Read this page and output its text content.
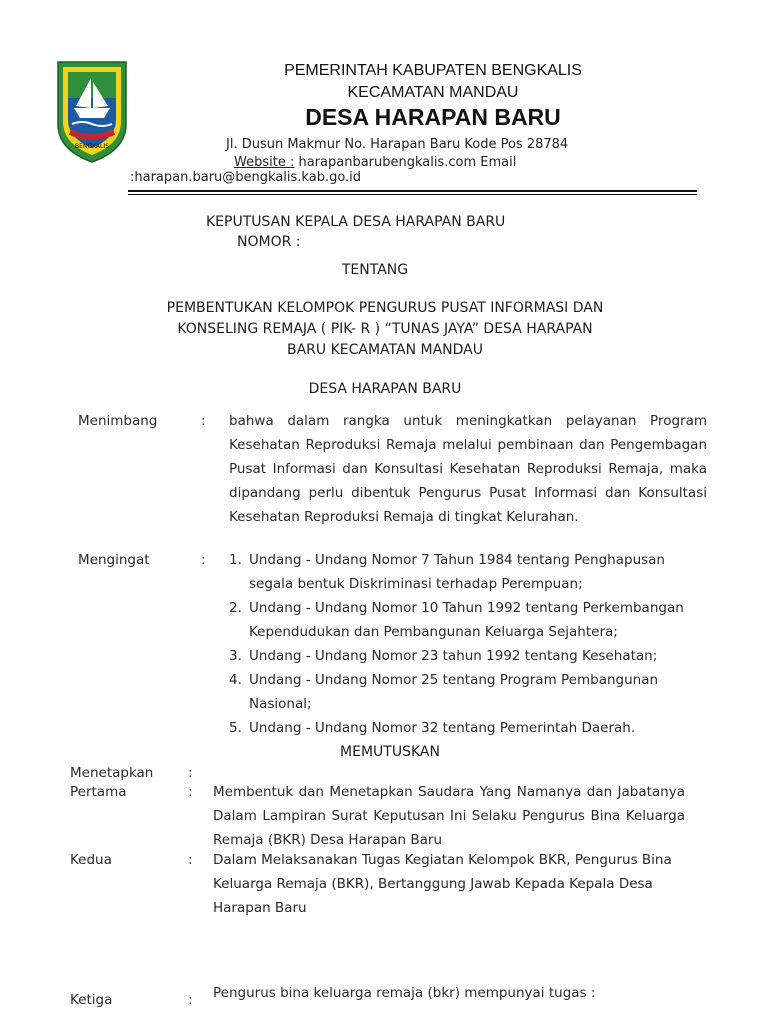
BENGKALIS
PEMERINTAH KABUPATEN BENGKALIS
KECAMATAN MANDAU
DESA HARAPAN BARU
Jl. Dusun Makmur No. Harapan Baru Kode Pos 28784
Website : harapanbarubengkalis.com Email
:harapan.baru@bengkalis.kab.go.id
KEPUTUSAN KEPALA DESA HARAPAN BARU
NOMOR :
TENTANG
PEMBENTUKAN KELOMPOK PENGURUS PUSAT INFORMASI DAN
KONSELING REMAJA ( PIK- R ) “TUNAS JAYA” DESA HARAPAN
BARU KECAMATAN MANDAU
DESA HARAPAN BARU
Menimbang	: bahwa dalam rangka untuk meningkatkan pelayanan Program
Kesehatan Reproduksi Remaja melalui pembinaan dan Pengembagan
Pusat Informasi dan Konsultasi Kesehatan Reproduksi Remaja, maka
dipandang perlu dibentuk Pengurus Pusat Informasi dan Konsultasi
Kesehatan Reproduksi Remaja di tingkat Kelurahan.
Mengingat	: 1. Undang - Undang Nomor 7 Tahun 1984 tentang Penghapusan
segala bentuk Diskriminasi terhadap Perempuan;
2. Undang - Undang Nomor 10 Tahun 1992 tentang Perkembangan
Kependudukan dan Pembangunan Keluarga Sejahtera;
3. Undang - Undang Nomor 23 tahun 1992 tentang Kesehatan;
4. Undang - Undang Nomor 25 tentang Program Pembangunan
Nasional;
5. Undang - Undang Nomor 32 tentang Pemerintah Daerah.
MEMUTUSKAN
Menetapkan	:
Pertama	: Membentuk dan Menetapkan Saudara Yang Namanya dan Jabatanya
Dalam Lampiran Surat Keputusan Ini Selaku Pengurus Bina Keluarga
Remaja (BKR) Desa Harapan Baru
Kedua	: Dalam Melaksanakan Tugas Kegiatan Kelompok BKR, Pengurus Bina
Keluarga Remaja (BKR), Bertanggung Jawab Kepada Kepala Desa
Harapan Baru
Ketiga	: Pengurus bina keluarga remaja (bkr) mempunyai tugas :
